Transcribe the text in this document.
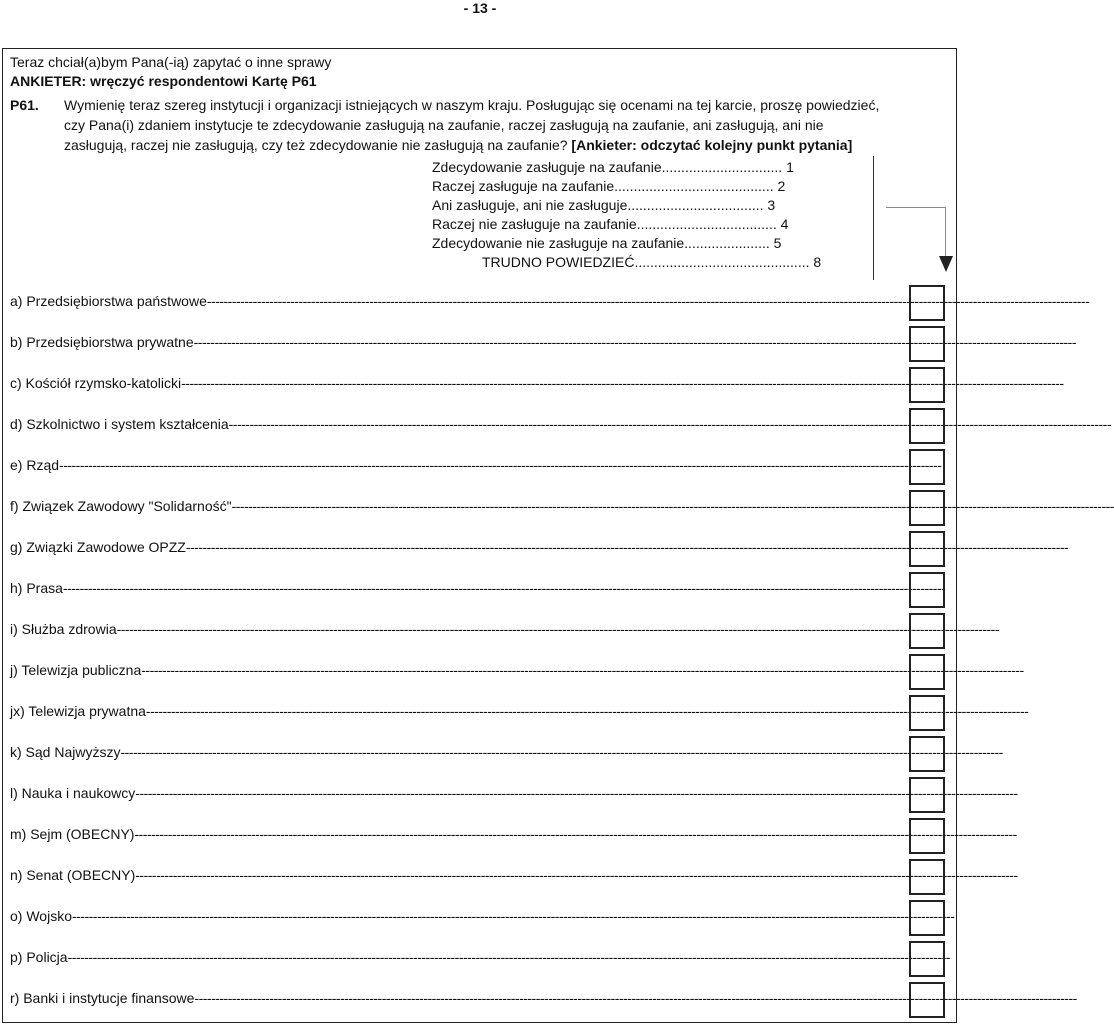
- 13 -
Teraz chciał(a)bym Pana(-ią) zapytać o inne sprawy
ANKIETER: wręczyć respondentowi Kartę P61
P61. Wymienię teraz szereg instytucji i organizacji istniejących w naszym kraju. Posługując się ocenami na tej karcie, proszę powiedzieć,
czy Pana(i) zdaniem instytucje te zdecydowanie zasługują na zaufanie, raczej zasługują na zaufanie, ani zasługują, ani nie
zasługują, raczej nie zasługują, czy też zdecydowanie nie zasługują na zaufanie? [Ankieter: odczytać kolejny punkt pytania]
Zdecydowanie zasługuje na zaufanie............................... 1
Raczej zasługuje na zaufanie......................................... 2
Ani zasługuje, ani nie zasługuje................................... 3
Raczej nie zasługuje na zaufanie.................................... 4
Zdecydowanie nie zasługuje na zaufanie...................... 5
TRUDNO POWIEDZIEĆ............................................. 8
a) Przedsiębiorstwa państwowe --------------------------------------------------------------------------------------------------------------------------------------------------------------------------------------------------------------------
b) Przedsiębiorstwa prywatne --------------------------------------------------------------------------------------------------------------------------------------------------------------------------------------------------------------------
c) Kościół rzymsko-katolicki --------------------------------------------------------------------------------------------------------------------------------------------------------------------------------------------------------------------
d) Szkolnictwo i system kształcenia --------------------------------------------------------------------------------------------------------------------------------------------------------------------------------------------------------------------
e) Rząd --------------------------------------------------------------------------------------------------------------------------------------------------------------------------------------------------------------------
f) Związek Zawodowy "Solidarność" --------------------------------------------------------------------------------------------------------------------------------------------------------------------------------------------------------------------
g) Związki Zawodowe OPZZ --------------------------------------------------------------------------------------------------------------------------------------------------------------------------------------------------------------------
h) Prasa --------------------------------------------------------------------------------------------------------------------------------------------------------------------------------------------------------------------
i) Służba zdrowia --------------------------------------------------------------------------------------------------------------------------------------------------------------------------------------------------------------------
j) Telewizja publiczna --------------------------------------------------------------------------------------------------------------------------------------------------------------------------------------------------------------------
jx) Telewizja prywatna --------------------------------------------------------------------------------------------------------------------------------------------------------------------------------------------------------------------
k) Sąd Najwyższy --------------------------------------------------------------------------------------------------------------------------------------------------------------------------------------------------------------------
l) Nauka i naukowcy --------------------------------------------------------------------------------------------------------------------------------------------------------------------------------------------------------------------
m) Sejm (OBECNY) --------------------------------------------------------------------------------------------------------------------------------------------------------------------------------------------------------------------
n) Senat (OBECNY) --------------------------------------------------------------------------------------------------------------------------------------------------------------------------------------------------------------------
o) Wojsko --------------------------------------------------------------------------------------------------------------------------------------------------------------------------------------------------------------------
p) Policja --------------------------------------------------------------------------------------------------------------------------------------------------------------------------------------------------------------------
r) Banki i instytucje finansowe --------------------------------------------------------------------------------------------------------------------------------------------------------------------------------------------------------------------
